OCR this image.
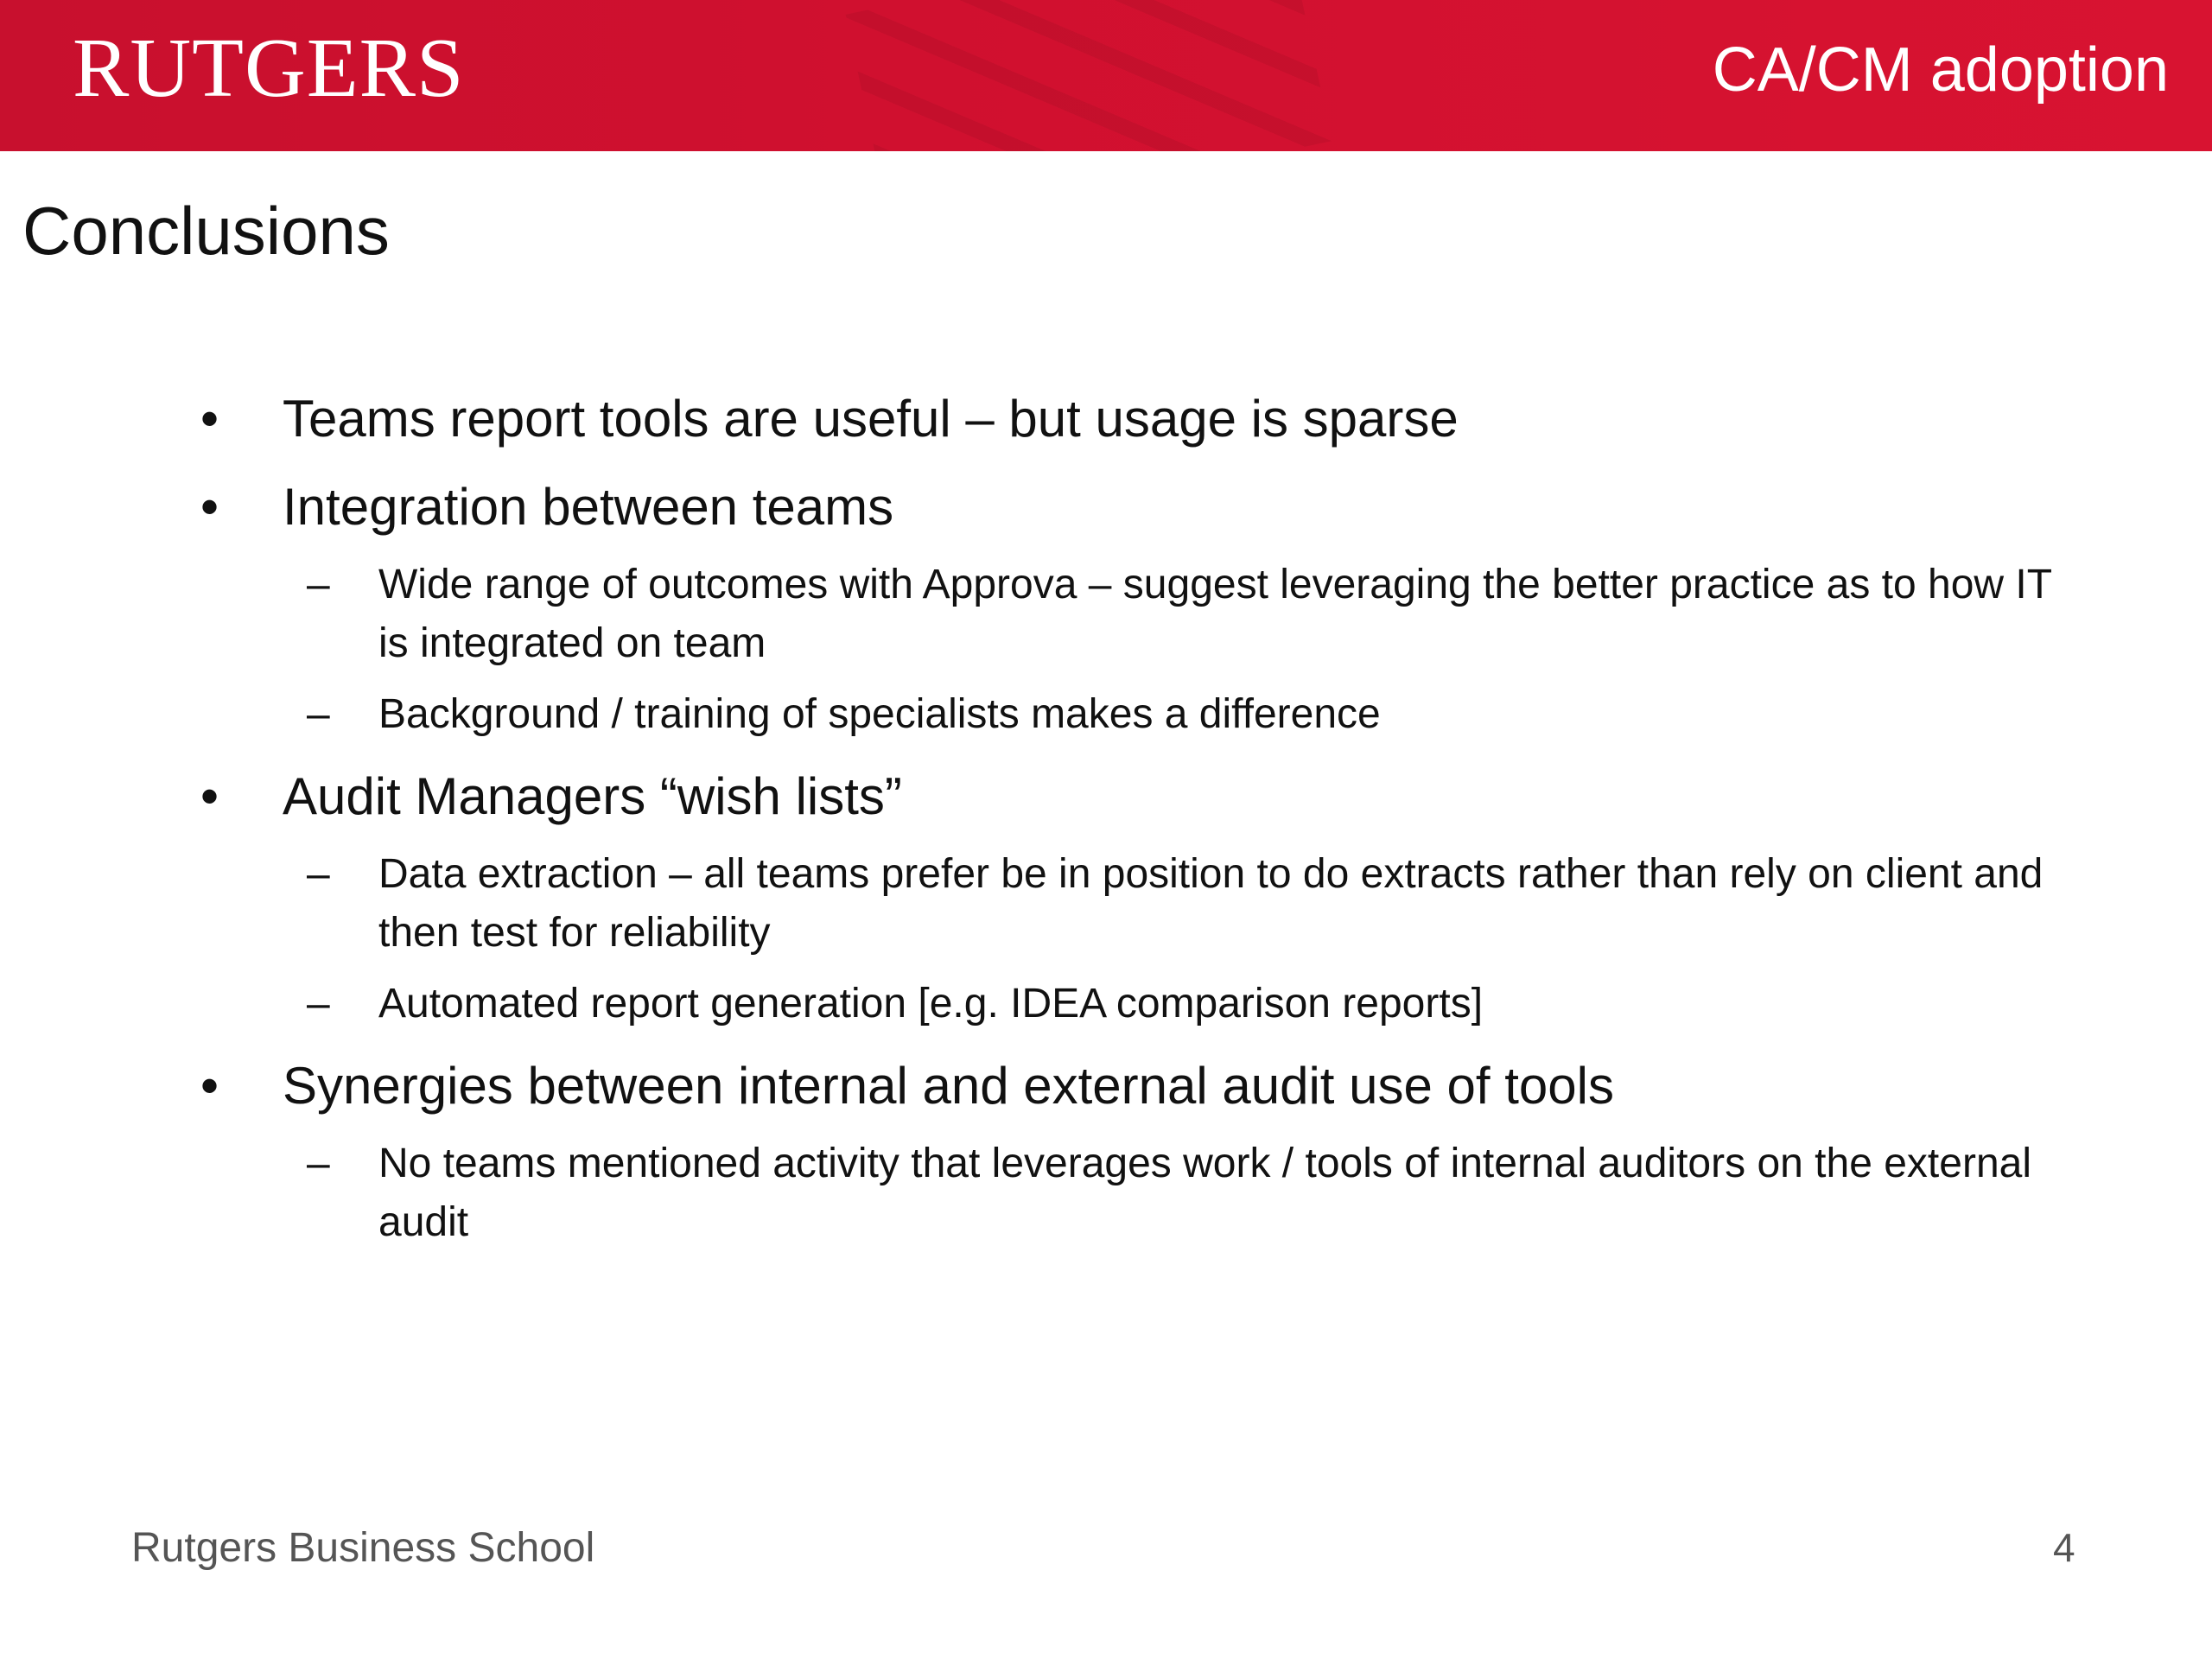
RUTGERS	CA/CM adoption
Conclusions

•	Teams report tools are useful – but usage is sparse

•	Integration between teams

–	Wide range of outcomes with Approva – suggest leveraging the better practice as to how IT is integrated on team

–	Background / training of specialists makes a difference

•	Audit Managers “wish lists”

–	Data extraction – all teams prefer be in position to do extracts rather than rely on client and then test for reliability

–	Automated report generation [e.g. IDEA comparison reports]

•	Synergies between internal and external audit use of tools

–	No teams mentioned activity that leverages work / tools of internal auditors on the external audit

Rutgers Business School	4
